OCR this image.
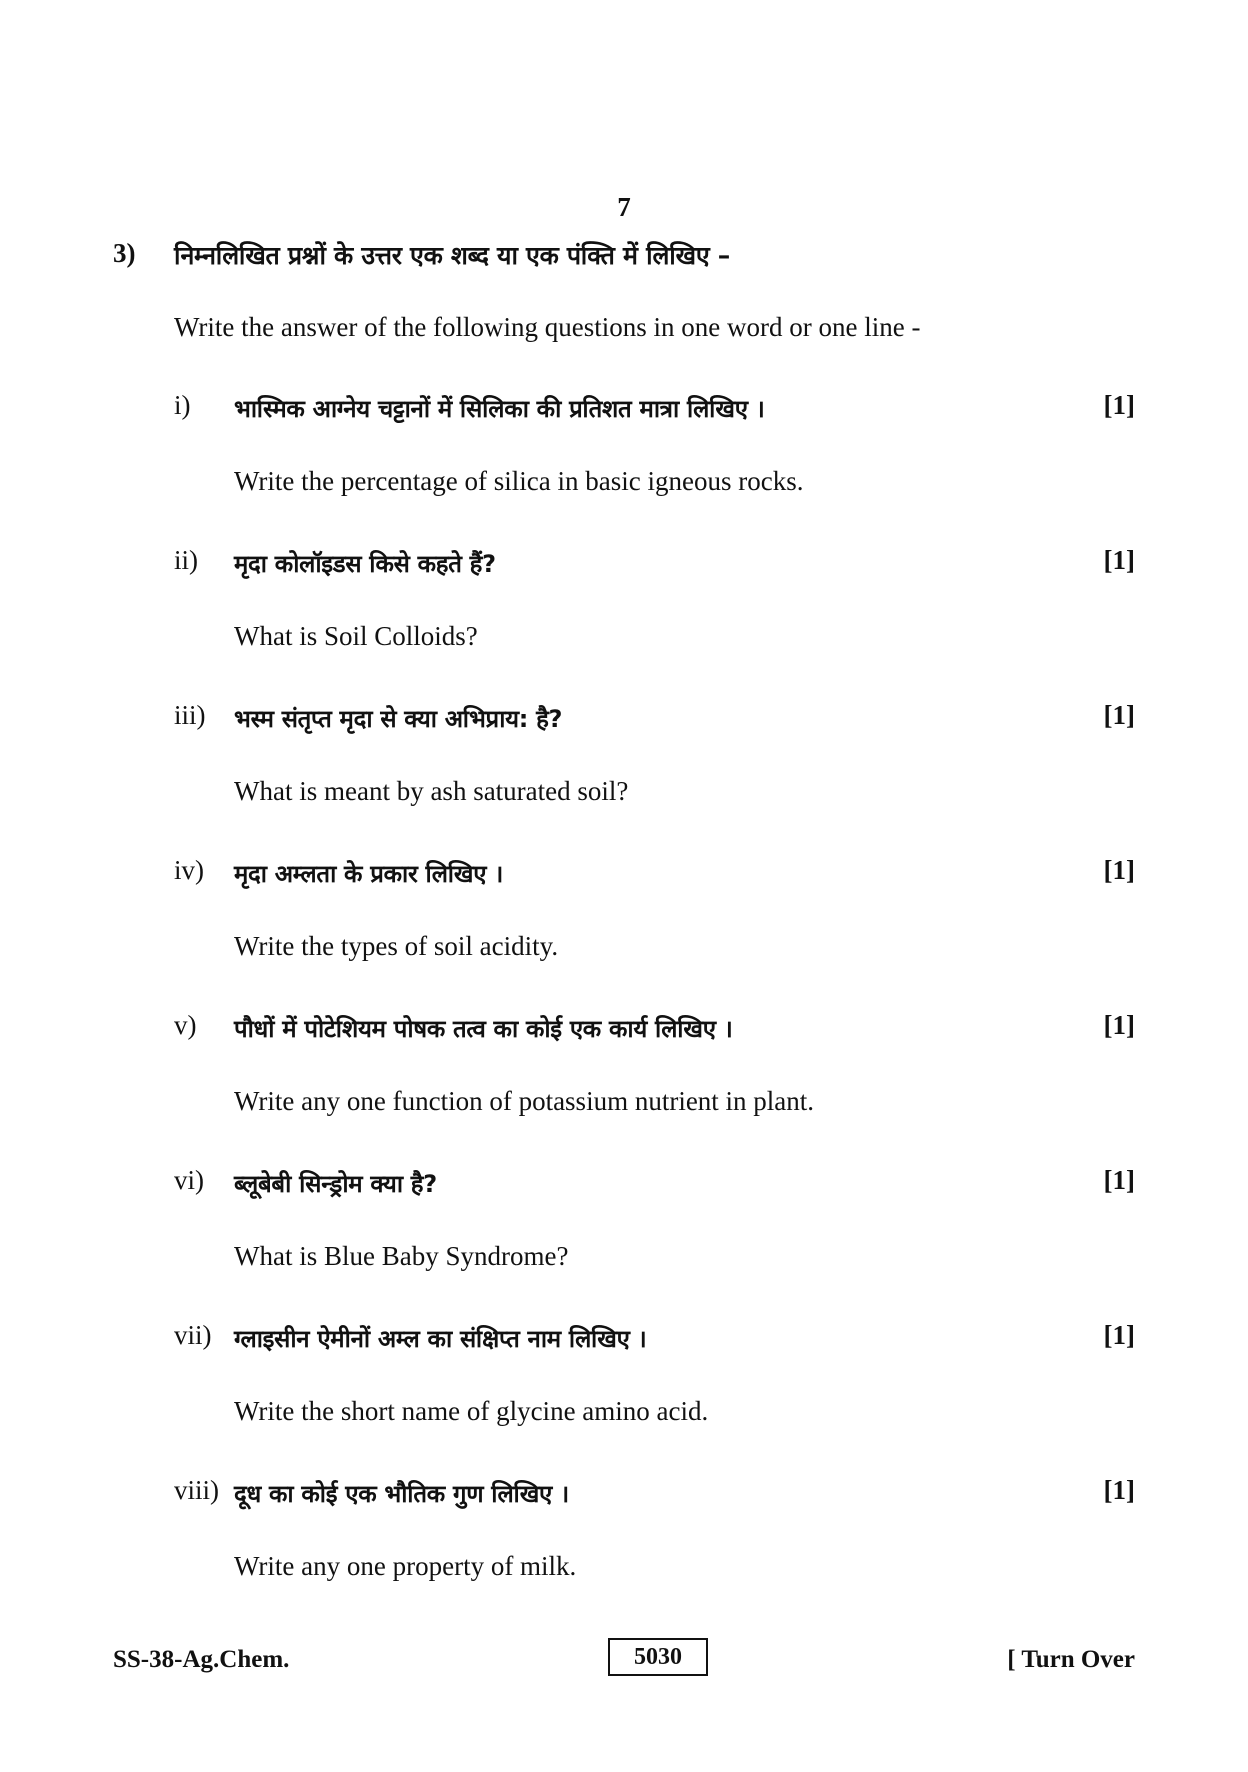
7
3) निम्नलिखित प्रश्नों के उत्तर एक शब्द या एक पंक्ति में लिखिए –
Write the answer of the following questions in one word or one line -
i) भास्मिक आग्नेय चट्टानों में सिलिका की प्रतिशत मात्रा लिखिए ।	[1]
Write the percentage of silica in basic igneous rocks.
ii) मृदा कोलॉइडस किसे कहते हैं?	[1]
What is Soil Colloids?
iii) भस्म संतृप्त मृदा से क्या अभिप्राय: है?	[1]
What is meant by ash saturated soil?
iv) मृदा अम्लता के प्रकार लिखिए ।	[1]
Write the types of soil acidity.
v) पौधों में पोटेशियम पोषक तत्व का कोई एक कार्य लिखिए ।	[1]
Write any one function of potassium nutrient in plant.
vi) ब्लूबेबी सिन्ड्रोम क्या है?	[1]
What is Blue Baby Syndrome?
vii) ग्लाइसीन ऐमीनों अम्ल का संक्षिप्त नाम लिखिए ।	[1]
Write the short name of glycine amino acid.
viii) दूध का कोई एक भौतिक गुण लिखिए ।	[1]
Write any one property of milk.
SS-38-Ag.Chem.	5030	[ Turn Over
